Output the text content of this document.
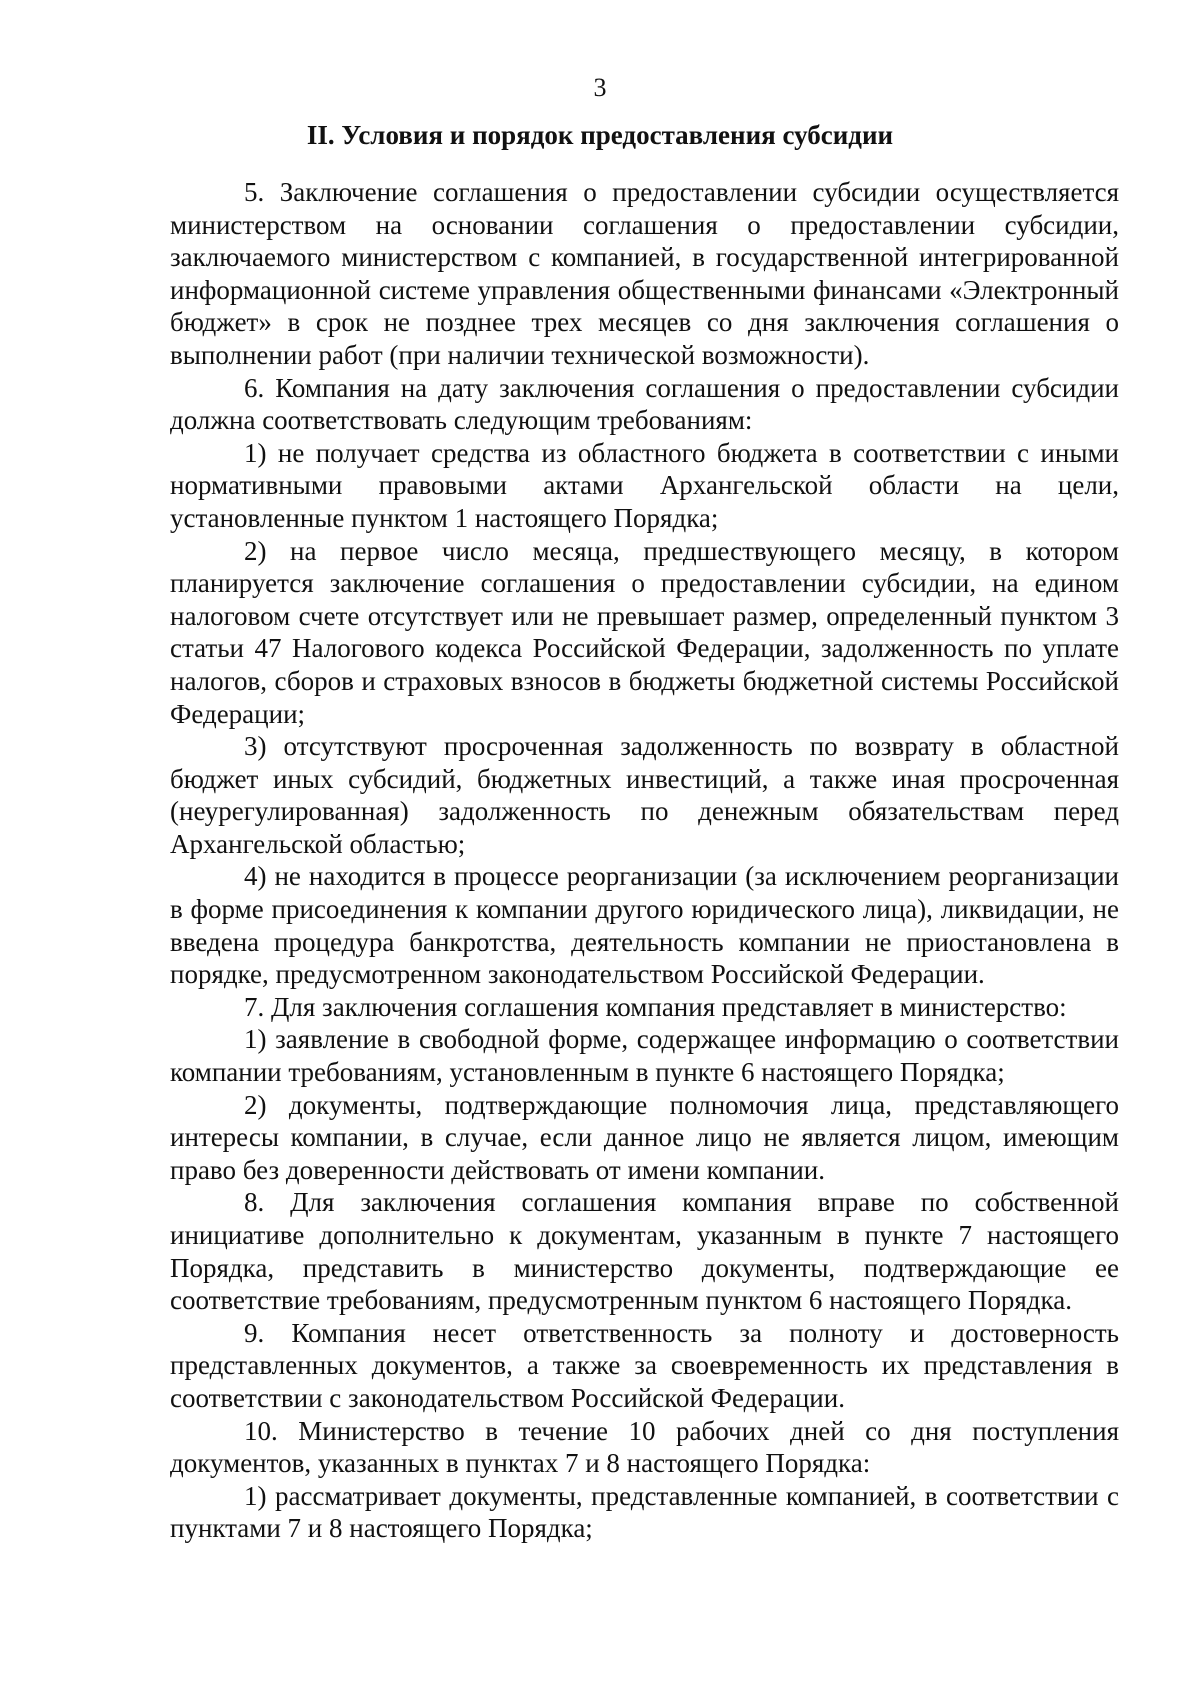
3
II. Условия и порядок предоставления субсидии

5. Заключение соглашения о предоставлении субсидии осуществляется министерством на основании соглашения о предоставлении субсидии, заключаемого министерством с компанией, в государственной интегрированной информационной системе управления общественными финансами «Электронный бюджет» в срок не позднее трех месяцев со дня заключения соглашения о выполнении работ (при наличии технической возможности).

6. Компания на дату заключения соглашения о предоставлении субсидии должна соответствовать следующим требованиям:

1) не получает средства из областного бюджета в соответствии с иными нормативными правовыми актами Архангельской области на цели, установленные пунктом 1 настоящего Порядка;

2) на первое число месяца, предшествующего месяцу, в котором планируется заключение соглашения о предоставлении субсидии, на едином налоговом счете отсутствует или не превышает размер, определенный пунктом 3 статьи 47 Налогового кодекса Российской Федерации, задолженность по уплате налогов, сборов и страховых взносов в бюджеты бюджетной системы Российской Федерации;

3) отсутствуют просроченная задолженность по возврату в областной бюджет иных субсидий, бюджетных инвестиций, а также иная просроченная (неурегулированная) задолженность по денежным обязательствам перед Архангельской областью;

4) не находится в процессе реорганизации (за исключением реорганизации в форме присоединения к компании другого юридического лица), ликвидации, не введена процедура банкротства, деятельность компании не приостановлена в порядке, предусмотренном законодательством Российской Федерации.

7. Для заключения соглашения компания представляет в министерство:

1) заявление в свободной форме, содержащее информацию о соответствии компании требованиям, установленным в пункте 6 настоящего Порядка;

2) документы, подтверждающие полномочия лица, представляющего интересы компании, в случае, если данное лицо не является лицом, имеющим право без доверенности действовать от имени компании.

8. Для заключения соглашения компания вправе по собственной инициативе дополнительно к документам, указанным в пункте 7 настоящего Порядка, представить в министерство документы, подтверждающие ее соответствие требованиям, предусмотренным пунктом 6 настоящего Порядка.

9. Компания несет ответственность за полноту и достоверность представленных документов, а также за своевременность их представления в соответствии с законодательством Российской Федерации.

10. Министерство в течение 10 рабочих дней со дня поступления документов, указанных в пунктах 7 и 8 настоящего Порядка:

1) рассматривает документы, представленные компанией, в соответствии с пунктами 7 и 8 настоящего Порядка;
